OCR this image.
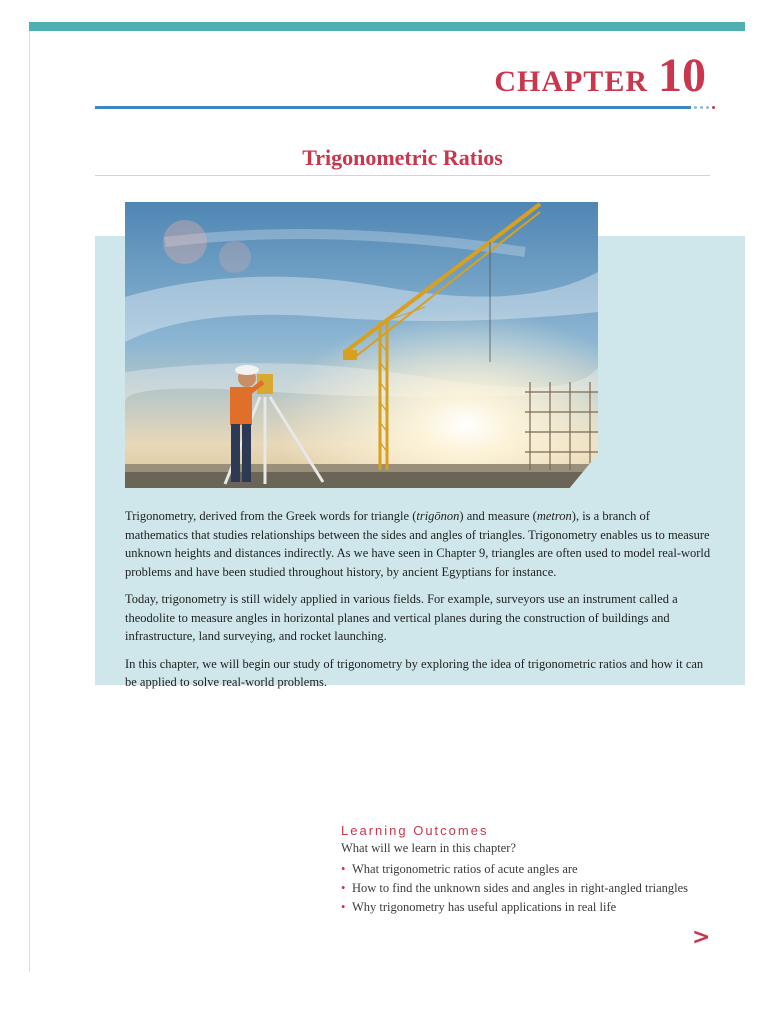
CHAPTER 10
Trigonometric Ratios

Trigonometry, derived from the Greek words for triangle (trigōnon) and measure (metron), is a branch of mathematics that studies relationships between the sides and angles of triangles. Trigonometry enables us to measure unknown heights and distances indirectly. As we have seen in Chapter 9, triangles are often used to model real-world problems and have been studied throughout history, by ancient Egyptians for instance.

Today, trigonometry is still widely applied in various fields. For example, surveyors use an instrument called a theodolite to measure angles in horizontal planes and vertical planes during the construction of buildings and infrastructure, land surveying, and rocket launching.

In this chapter, we will begin our study of trigonometry by exploring the idea of trigonometric ratios and how it can be applied to solve real-world problems.

Learning Outcomes
What will we learn in this chapter?
• What trigonometric ratios of acute angles are
• How to find the unknown sides and angles in right-angled triangles
• Why trigonometry has useful applications in real life
>
